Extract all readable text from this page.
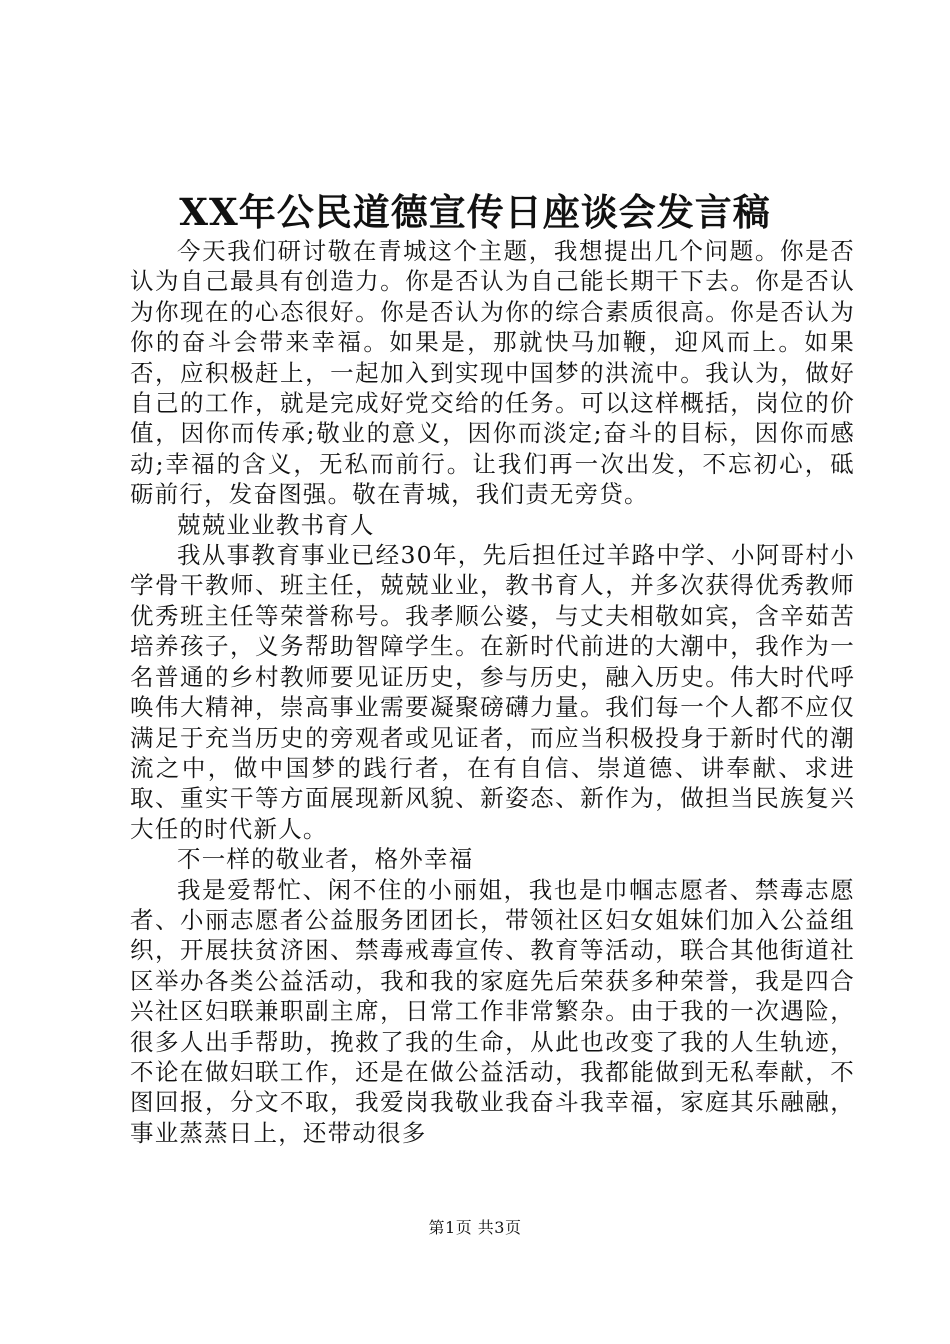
XX年公民道德宣传日座谈会发言稿

今天我们研讨敬在青城这个主题，我想提出几个问题。你是否认为自己最具有创造力。你是否认为自己能长期干下去。你是否认为你现在的心态很好。你是否认为你的综合素质很高。你是否认为你的奋斗会带来幸福。如果是，那就快马加鞭，迎风而上。如果否，应积极赶上，一起加入到实现中国梦的洪流中。我认为，做好自己的工作，就是完成好党交给的任务。可以这样概括，岗位的价值，因你而传承;敬业的意义，因你而淡定;奋斗的目标，因你而感动;幸福的含义，无私而前行。让我们再一次出发，不忘初心，砥砺前行，发奋图强。敬在青城，我们责无旁贷。

兢兢业业教书育人

我从事教育事业已经30年，先后担任过羊路中学、小阿哥村小学骨干教师、班主任，兢兢业业，教书育人，并多次获得优秀教师优秀班主任等荣誉称号。我孝顺公婆，与丈夫相敬如宾，含辛茹苦培养孩子，义务帮助智障学生。在新时代前进的大潮中，我作为一名普通的乡村教师要见证历史，参与历史，融入历史。伟大时代呼唤伟大精神，崇高事业需要凝聚磅礴力量。我们每一个人都不应仅满足于充当历史的旁观者或见证者，而应当积极投身于新时代的潮流之中，做中国梦的践行者，在有自信、崇道德、讲奉献、求进取、重实干等方面展现新风貌、新姿态、新作为，做担当民族复兴大任的时代新人。

不一样的敬业者，格外幸福

我是爱帮忙、闲不住的小丽姐，我也是巾帼志愿者、禁毒志愿者、小丽志愿者公益服务团团长，带领社区妇女姐妹们加入公益组织，开展扶贫济困、禁毒戒毒宣传、教育等活动，联合其他街道社区举办各类公益活动，我和我的家庭先后荣获多种荣誉，我是四合兴社区妇联兼职副主席，日常工作非常繁杂。由于我的一次遇险，很多人出手帮助，挽救了我的生命，从此也改变了我的人生轨迹，不论在做妇联工作，还是在做公益活动，我都能做到无私奉献，不图回报，分文不取，我爱岗我敬业我奋斗我幸福，家庭其乐融融，事业蒸蒸日上，还带动很多

第1页 共3页
